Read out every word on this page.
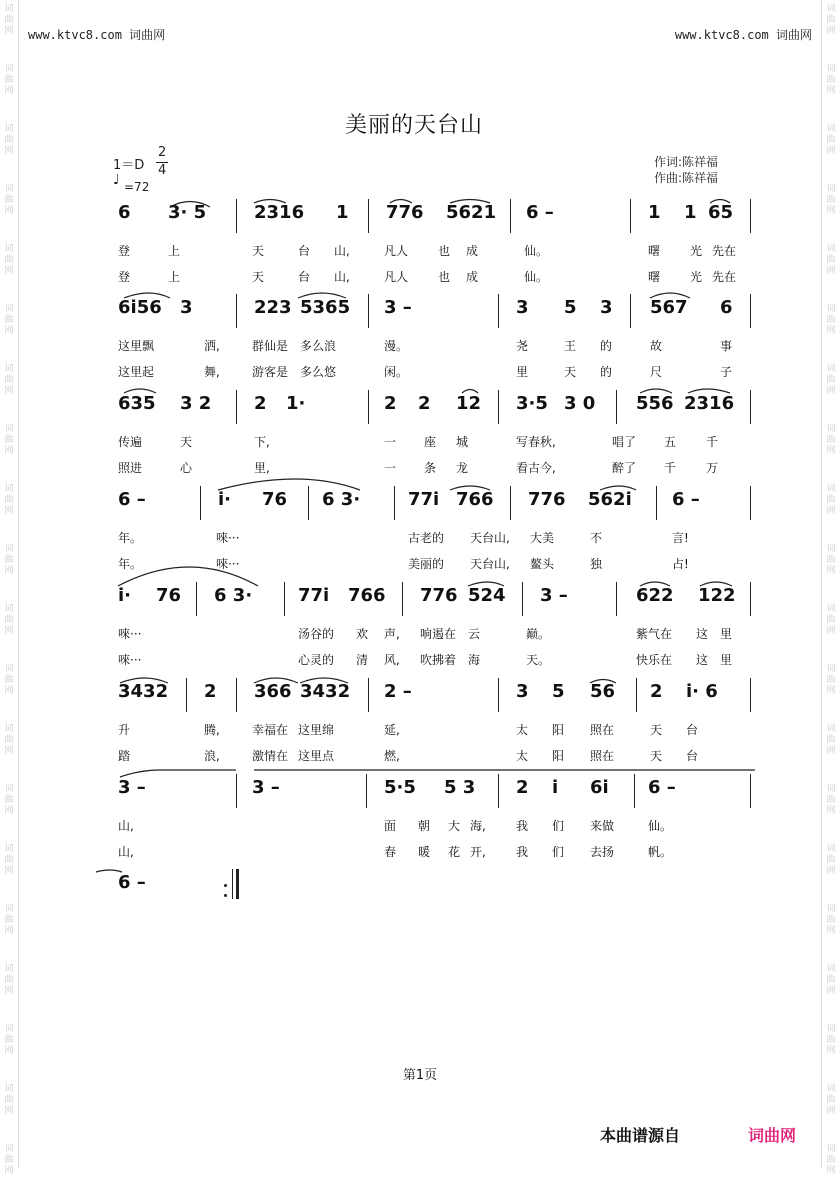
词曲网
词曲网
词曲网
词曲网
词曲网
词曲网
词曲网
词曲网
词曲网
词曲网
词曲网
词曲网
词曲网
词曲网
词曲网
词曲网
词曲网
词曲网
词曲网
词曲网
词曲网
词曲网
词曲网
词曲网
词曲网
词曲网
词曲网
词曲网
词曲网
词曲网
词曲网
词曲网
词曲网
词曲网
词曲网
词曲网
词曲网
词曲网
词曲网
词曲网
www.ktvc8.com 词曲网	www.ktvc8.com 词曲网
美丽的天台山
1＝D
2
4
♩ =72
作词:陈祥福
作曲:陈祥福
6 3· 5	2316 1 776 5621 6 –	1 1 65
登	上	天	台 山,	凡人 也 成	仙。	曙 光 先在
登	上	天	台 山,	凡人 也 成	仙。	曙 光 先在
6i56 3	223 5365 3 –	3 5 3 567 6
这里飘	洒,	群仙是 多么浪	漫。	尧	王 的	故	事
这里起	舞,	游客是 多么悠	闲。	里	天 的	尺	子
635 3 2 2 1·	2 2 12 3·5 3 0 556 2316
传遍	天	下,	一 座 城	写春秋,	唱了 五 千
照进	心	里,	一 条 龙	看古今,	醉了 千 万
6 –	i· 76 6 3·	77i 766 776 562i 6 –
年。	唻···	古老的 天台山, 大美	不	言!
年。	唻···	美丽的 天台山, 鳌头	独	占!
i· 76 6 3·	77i 766 776 524 3 –	622 122
唻···	汤谷的 欢 声, 响遏在 云	巅。	紫气在 这 里
唻···	心灵的 清 风, 吹拂着 海	天。	快乐在 这 里
3432 2 366 3432 2 –	3 5 56 2 i· 6
升	腾,	幸福在 这里绵	延,	太 阳 照在	天 台
踏	浪,	激情在 这里点	燃,	太 阳 照在	天 台
3 –	3 –	5·5 5 3 2 i 6i 6 –
山,	面 朝 大 海,	我 们 来做	仙。
山,	春 暖 花 开,	我 们 去扬	帆。
6 –
第1页
本曲谱源自	词曲网
